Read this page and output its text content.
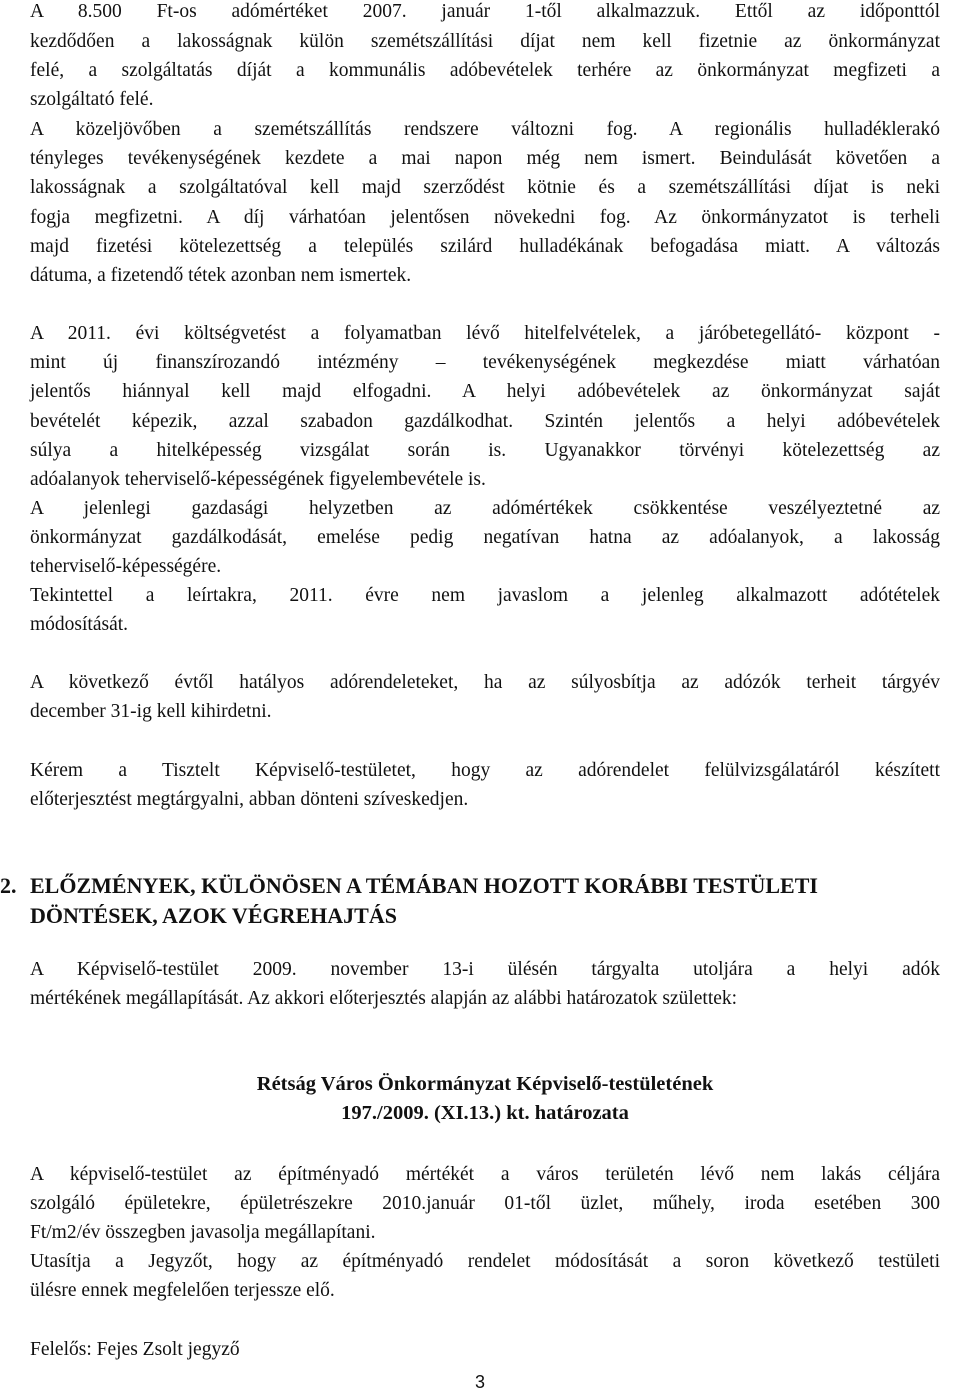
A 8.500 Ft-os adómértéket 2007. január 1-től alkalmazzuk. Ettől az időponttól
kezdődően a lakosságnak külön szemétszállítási díjat nem kell fizetnie az önkormányzat
felé, a szolgáltatás díját a kommunális adóbevételek terhére az önkormányzat megfizeti a
szolgáltató felé.
A közeljövőben a szemétszállítás rendszere változni fog. A regionális hulladéklerakó
tényleges tevékenységének kezdete a mai napon még nem ismert. Beindulását követően a
lakosságnak a szolgáltatóval kell majd szerződést kötnie és a szemétszállítási díjat is neki
fogja megfizetni. A díj várhatóan jelentősen növekedni fog. Az önkormányzatot is terheli
majd fizetési kötelezettség a település szilárd hulladékának befogadása miatt. A változás
dátuma, a fizetendő tétek azonban nem ismertek.
A 2011. évi költségvetést a folyamatban lévő hitelfelvételek, a járóbetegellátó- központ -
mint új finanszírozandó intézmény – tevékenységének megkezdése miatt várhatóan
jelentős hiánnyal kell majd elfogadni. A helyi adóbevételek az önkormányzat saját
bevételét képezik, azzal szabadon gazdálkodhat. Szintén jelentős a helyi adóbevételek
súlya a hitelképesség vizsgálat során is. Ugyanakkor törvényi kötelezettség az
adóalanyok teherviselő-képességének figyelembevétele is.
A jelenlegi gazdasági helyzetben az adómértékek csökkentése veszélyeztetné az
önkormányzat gazdálkodását, emelése pedig negatívan hatna az adóalanyok, a lakosság
teherviselő-képességére.
Tekintettel a leírtakra, 2011. évre nem javaslom a jelenleg alkalmazott adótételek
módosítását.
A következő évtől hatályos adórendeleteket, ha az súlyosbítja az adózók terheit tárgyév
december 31-ig kell kihirdetni.
Kérem a Tisztelt Képviselő-testületet, hogy az adórendelet felülvizsgálatáról készített
előterjesztést megtárgyalni, abban dönteni szíveskedjen.
2. ELŐZMÉNYEK, KÜLÖNÖSEN A TÉMÁBAN HOZOTT KORÁBBI TESTÜLETI
DÖNTÉSEK, AZOK VÉGREHAJTÁS
A Képviselő-testület 2009. november 13-i ülésén tárgyalta utoljára a helyi adók
mértékének megállapítását. Az akkori előterjesztés alapján az alábbi határozatok születtek:
Rétság Város Önkormányzat Képviselő-testületének
197./2009. (XI.13.) kt. határozata
A képviselő-testület az építményadó mértékét a város területén lévő nem lakás céljára
szolgáló épületekre, épületrészekre 2010.január 01-től üzlet, műhely, iroda esetében 300
Ft/m2/év összegben javasolja megállapítani.
Utasítja a Jegyzőt, hogy az építményadó rendelet módosítását a soron következő testületi
ülésre ennek megfelelően terjessze elő.
Felelős: Fejes Zsolt jegyző
3
